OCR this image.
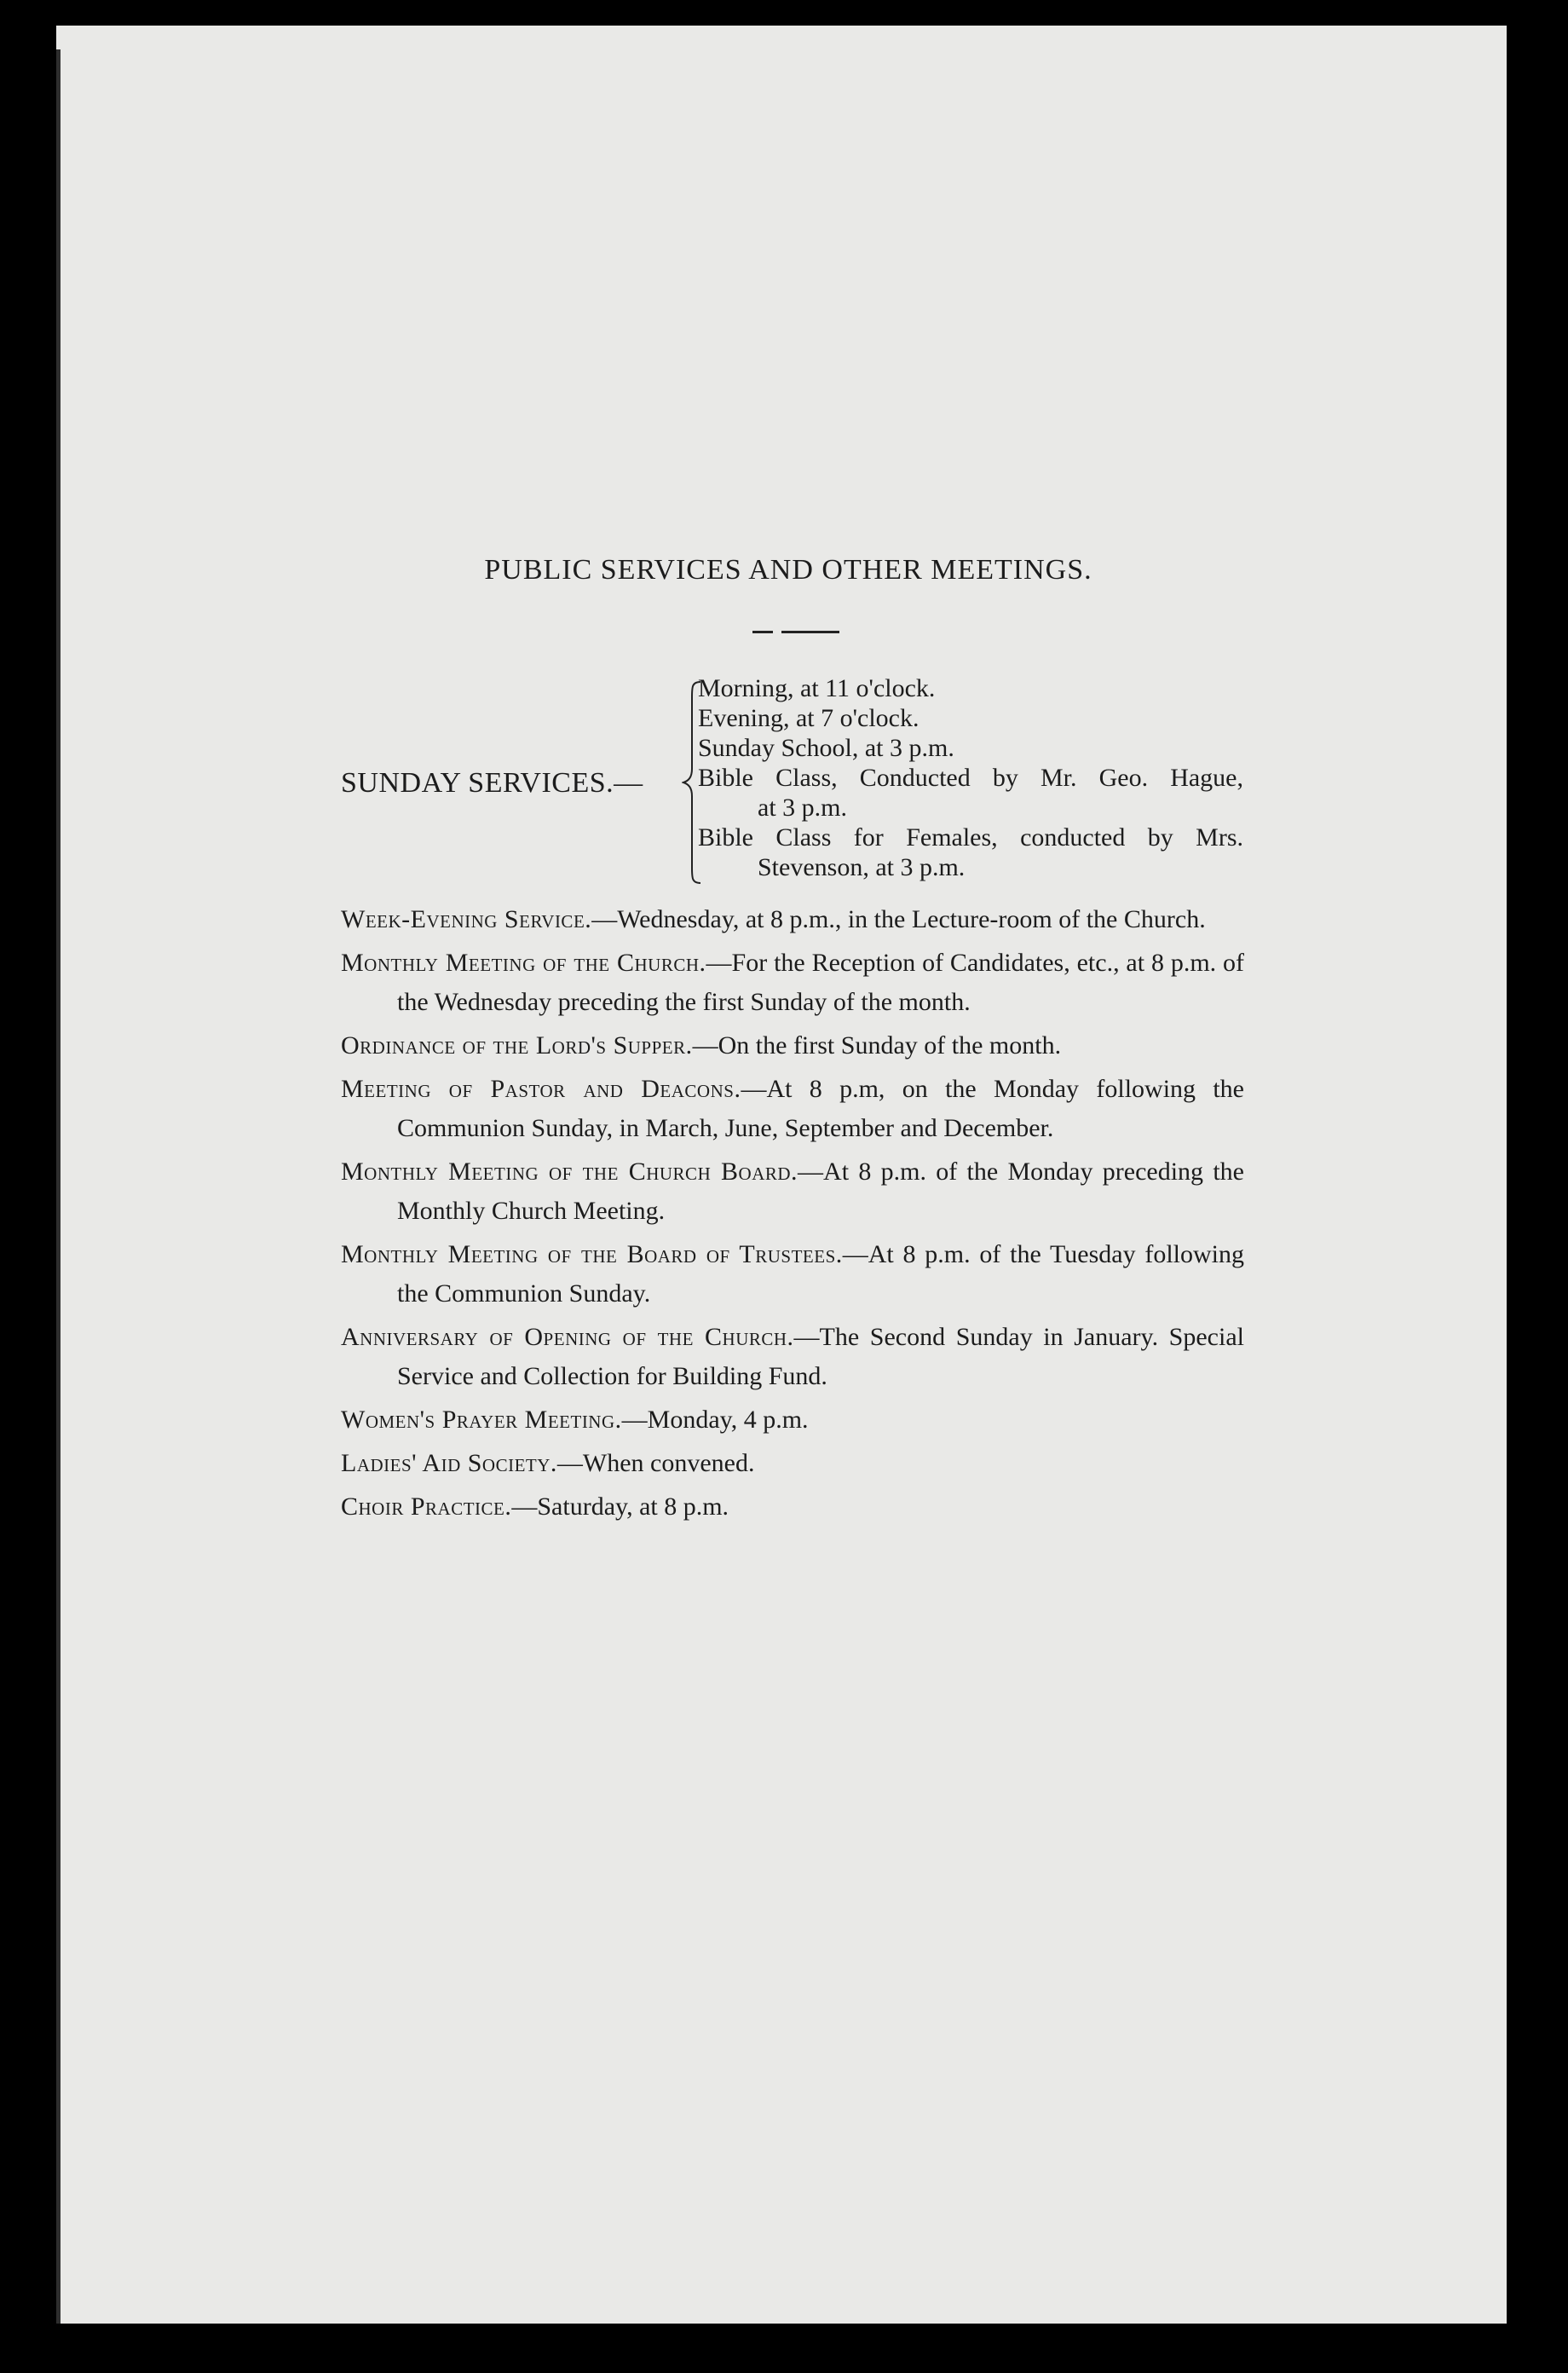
PUBLIC SERVICES AND OTHER MEETINGS.
SUNDAY SERVICES.—
Morning, at 11 o'clock.
Evening, at 7 o'clock.
Sunday School, at 3 p.m.
Bible Class, Conducted by Mr. Geo. Hague,
at 3 p.m.
Bible Class for Females, conducted by Mrs.
Stevenson, at 3 p.m.
Week-Evening Service.—Wednesday, at 8 p.m., in the Lecture-room of the Church.
Monthly Meeting of the Church.—For the Reception of Candidates, etc., at 8 p.m. of the Wednesday preceding the first Sunday of the month.
Ordinance of the Lord's Supper.—On the first Sunday of the month.
Meeting of Pastor and Deacons.—At 8 p.m, on the Monday following the Communion Sunday, in March, June, September and December.
Monthly Meeting of the Church Board.—At 8 p.m. of the Monday preceding the Monthly Church Meeting.
Monthly Meeting of the Board of Trustees.—At 8 p.m. of the Tuesday following the Communion Sunday.
Anniversary of Opening of the Church.—The Second Sunday in January. Special Service and Collection for Building Fund.
Women's Prayer Meeting.—Monday, 4 p.m.
Ladies' Aid Society.—When convened.
Choir Practice.—Saturday, at 8 p.m.
